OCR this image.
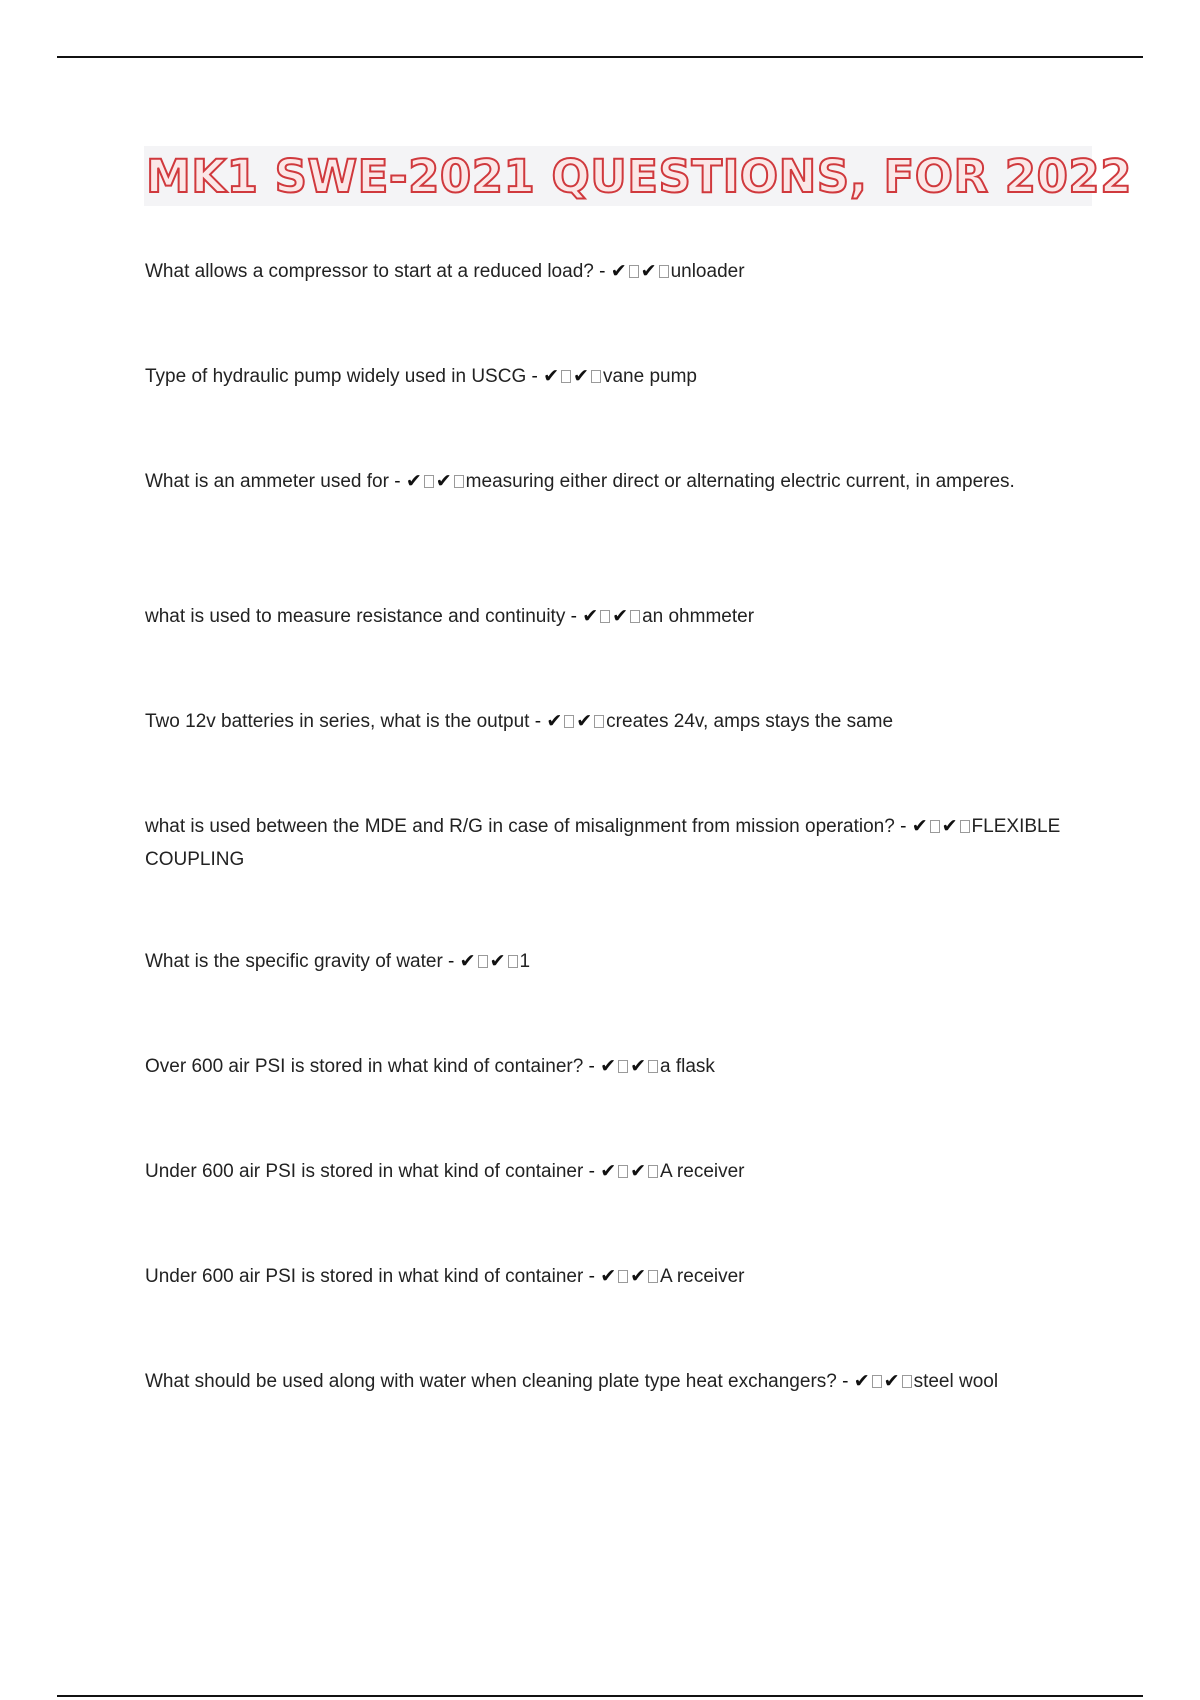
MK1 SWE-2021 QUESTIONS, FOR 2022
What allows a compressor to start at a reduced load? - ✔ ✔ unloader
Type of hydraulic pump widely used in USCG - ✔ ✔ vane pump
What is an ammeter used for - ✔ ✔ measuring either direct or alternating electric current, in amperes.
what is used to measure resistance and continuity - ✔ ✔ an ohmmeter
Two 12v batteries in series, what is the output - ✔ ✔ creates 24v, amps stays the same
what is used between the MDE and R/G in case of misalignment from mission operation? - ✔ ✔ FLEXIBLE COUPLING
What is the specific gravity of water - ✔ ✔ 1
Over 600 air PSI is stored in what kind of container? - ✔ ✔ a flask
Under 600 air PSI is stored in what kind of container - ✔ ✔ A receiver
Under 600 air PSI is stored in what kind of container - ✔ ✔ A receiver
What should be used along with water when cleaning plate type heat exchangers? - ✔ ✔ steel wool
